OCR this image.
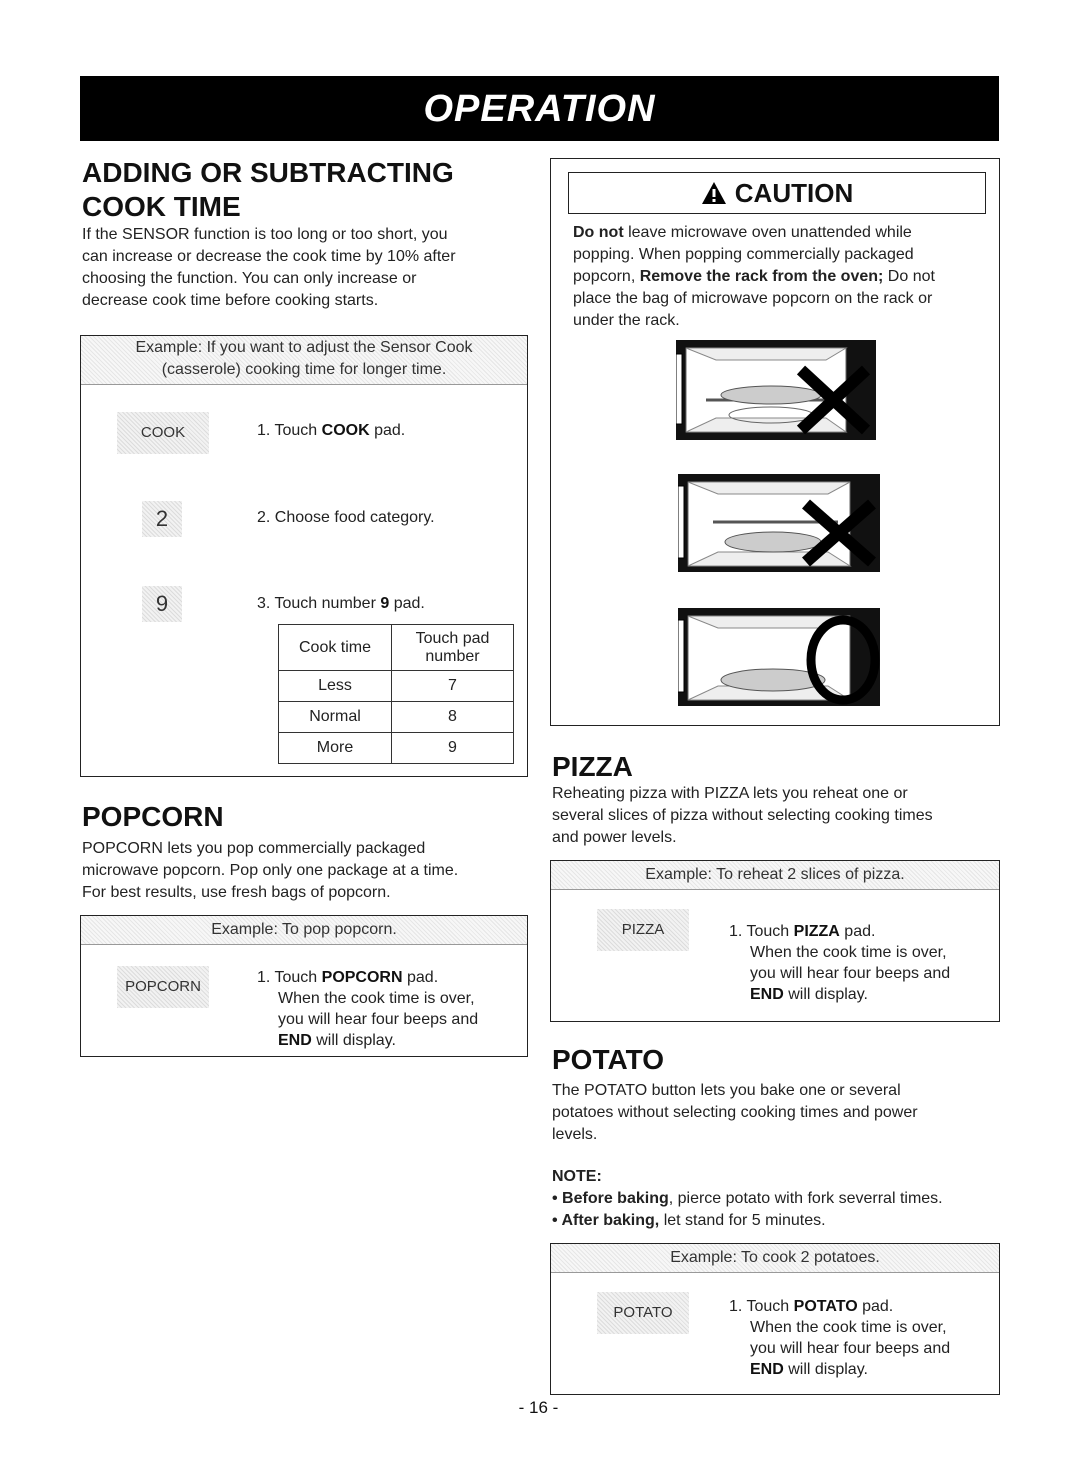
OPERATION
ADDING OR SUBTRACTING
COOK TIME
If the SENSOR function is too long or too short, you
can increase or decrease the cook time by 10% after
choosing the function. You can only increase or
decrease cook time before cooking starts.
Example: If you want to adjust the Sensor Cook
(casserole) cooking time for longer time.
COOK
2
9
1. Touch COOK pad.
2. Choose food category.
3. Touch number 9 pad.
Cook time	Touch pad
number

Less	7
Normal	8
More	9
POPCORN
POPCORN lets you pop commercially packaged
microwave popcorn. Pop only one package at a time.
For best results, use fresh bags of popcorn.
Example: To pop popcorn.
POPCORN
1. Touch POPCORN pad.
When the cook time is over,
you will hear four beeps and
END will display.
CAUTION
Do not leave microwave oven unattended while
popping. When popping commercially packaged
popcorn, Remove the rack from the oven; Do not
place the bag of microwave popcorn on the rack or
under the rack.
PIZZA
Reheating pizza with PIZZA lets you reheat one or
several slices of pizza without selecting cooking times
and power levels.
Example: To reheat 2 slices of pizza.
PIZZA	1. Touch PIZZA pad.
When the cook time is over,
you will hear four beeps and
END will display.
POTATO
The POTATO button lets you bake one or several
potatoes without selecting cooking times and power
levels.
NOTE:
• Before baking, pierce potato with fork severral times.
• After baking, let stand for 5 minutes.
Example: To cook 2 potatoes.
POTATO	1. Touch POTATO pad.
When the cook time is over,
you will hear four beeps and
END will display.
- 16 -
